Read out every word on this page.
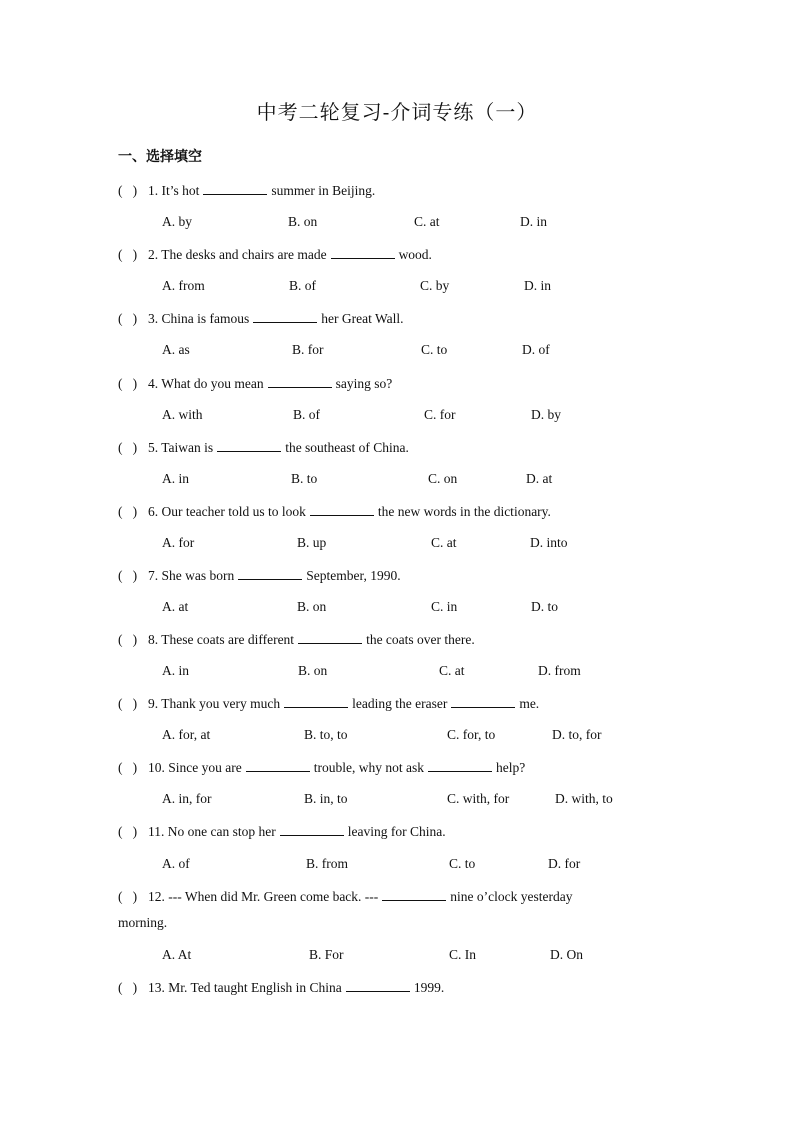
中考二轮复习-介词专练（一）
一、选择填空
(   ) 1. It’s hot	summer in Beijing.
A. by	B. on	C. at	D. in
(   ) 2. The desks and chairs are made	wood.
A. from	B. of	C. by	D. in
(   ) 3. China is famous	her Great Wall.
A. as	B. for	C. to	D. of
(   ) 4. What do you mean	saying so?
A. with	B. of	C. for	D. by
(   ) 5. Taiwan is	the southeast of China.
A. in	B. to	C. on	D. at
(   ) 6. Our teacher told us to look	the new words in the dictionary.
A. for	B. up	C. at	D. into
(   ) 7. She was born	September, 1990.
A. at	B. on	C. in	D. to
(   ) 8. These coats are different	the coats over there.
A. in	B. on	C. at	D. from
(   ) 9. Thank you very much	leading the eraser	me.
A. for, at	B. to, to	C. for, to	D. to, for
(   ) 10. Since you are	trouble, why not ask	help?
A. in, for	B. in, to	C. with, for	D. with, to
(   ) 11. No one can stop her	leaving for China.
A. of	B. from	C. to	D. for
(   ) 12. --- When did Mr. Green come back. ---	nine o’clock yesterday
morning.
A. At	B. For	C. In	D. On
(   ) 13. Mr. Ted taught English in China	1999.
